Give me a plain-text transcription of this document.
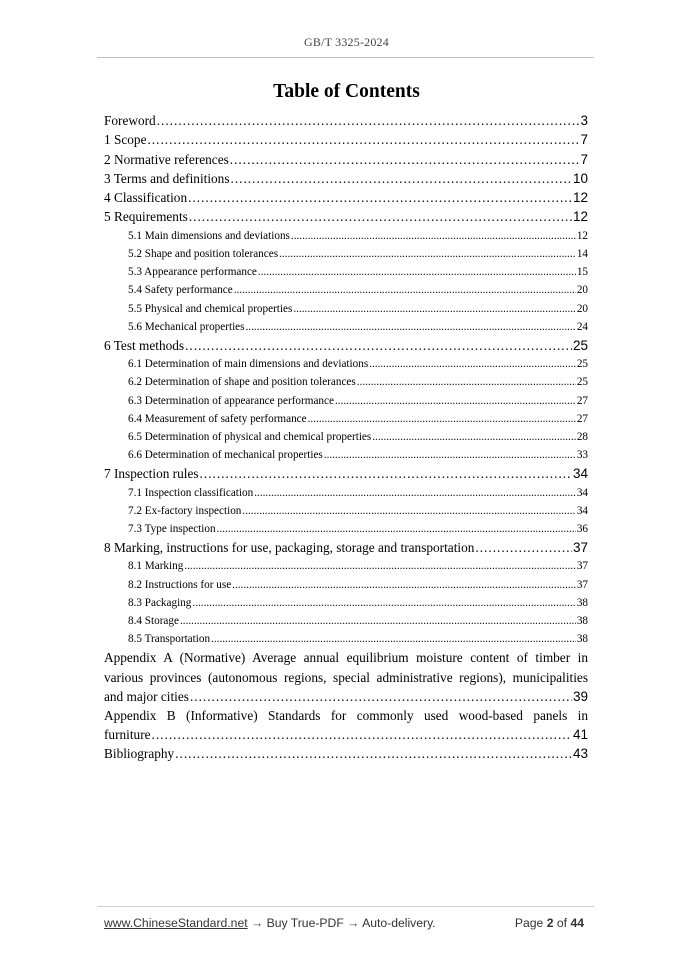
GB/T 3325-2024
Table of Contents
Foreword .....	3
1 Scope .....	7
2 Normative references .....	7
3 Terms and definitions .....	10
4 Classification .....	12
5 Requirements .....	12
5.1 Main dimensions and deviations .....	12
5.2 Shape and position tolerances .....	14
5.3 Appearance performance .....	15
5.4 Safety performance .....	20
5.5 Physical and chemical properties .....	20
5.6 Mechanical properties .....	24
6 Test methods .....	25
6.1 Determination of main dimensions and deviations .....	25
6.2 Determination of shape and position tolerances .....	25
6.3 Determination of appearance performance .....	27
6.4 Measurement of safety performance .....	27
6.5 Determination of physical and chemical properties .....	28
6.6 Determination of mechanical properties .....	33
7 Inspection rules .....	34
7.1 Inspection classification .....	34
7.2 Ex-factory inspection .....	34
7.3 Type inspection .....	36
8 Marking, instructions for use, packaging, storage and transportation .....	37
8.1 Marking .....	37
8.2 Instructions for use .....	37
8.3 Packaging .....	38
8.4 Storage .....	38
8.5 Transportation .....	38
Appendix A (Normative) Average annual equilibrium moisture content of timber in
various provinces (autonomous regions, special administrative regions), municipalities
and major cities .....	39
Appendix B (Informative) Standards for commonly used wood-based panels in
furniture .....	41
Bibliography .....	43
www.ChineseStandard.net → Buy True-PDF → Auto-delivery.	Page 2 of 44
